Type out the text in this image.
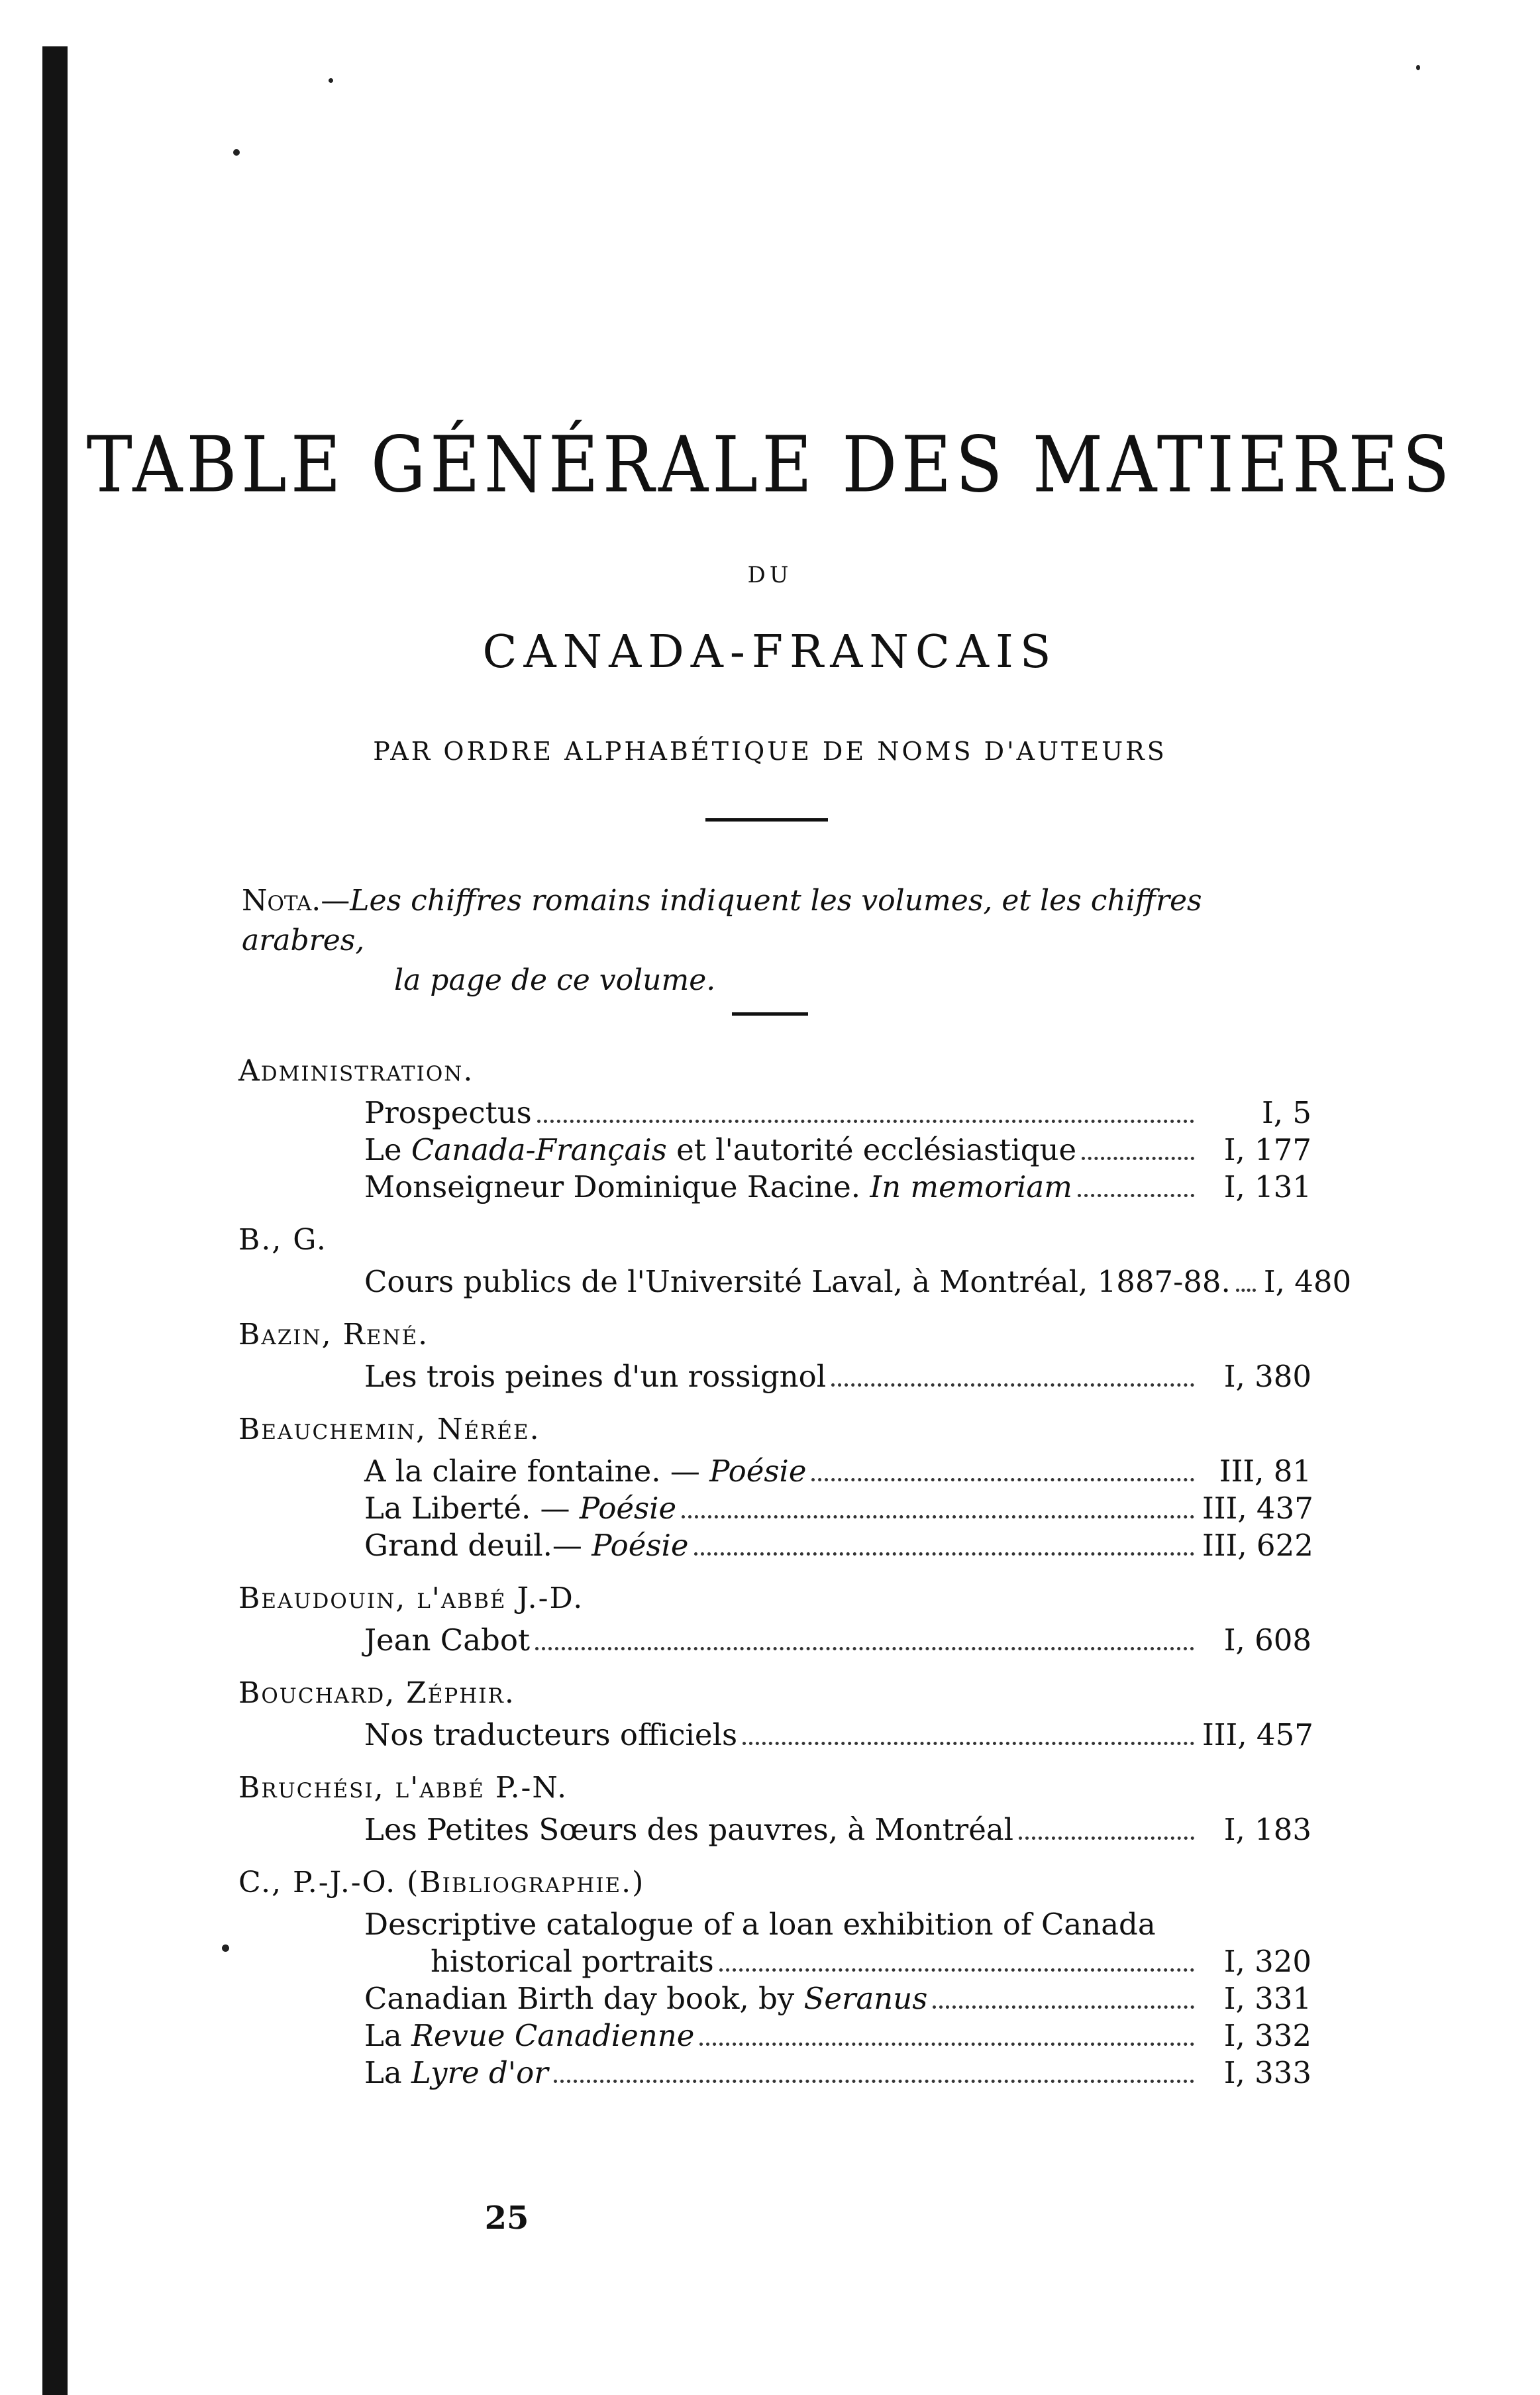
TABLE GÉNÉRALE DES MATIERES
DU
CANADA-FRANCAIS
PAR ORDRE ALPHABÉTIQUE DE NOMS D'AUTEURS
Nota.—Les chiffres romains indiquent les volumes, et les chiffres arabres,
la page de ce volume.
Administration.
Prospectus	I, 5
Le Canada-Français et l'autorité ecclésiastique	I, 177
Monseigneur Dominique Racine. In memoriam	I, 131
B., G.
Cours publics de l'Université Laval, à Montréal, 1887-88. I, 480
Bazin, René.
Les trois peines d'un rossignol	I, 380
Beauchemin, Nérée.
A la claire fontaine. — Poésie	III, 81
La Liberté. — Poésie	III, 437
Grand deuil.— Poésie	III, 622
Beaudouin, l'abbé J.-D.
Jean Cabot	I, 608
Bouchard, Zéphir.
Nos traducteurs officiels	III, 457
Bruchési, l'abbé P.-N.
Les Petites Sœurs des pauvres, à Montréal	I, 183
C., P.-J.-O. (Bibliographie.)
Descriptive catalogue of a loan exhibition of Canada
historical portraits	I, 320
Canadian Birth day book, by Seranus	I, 331
La Revue Canadienne	I, 332
La Lyre d'or	I, 333
25
